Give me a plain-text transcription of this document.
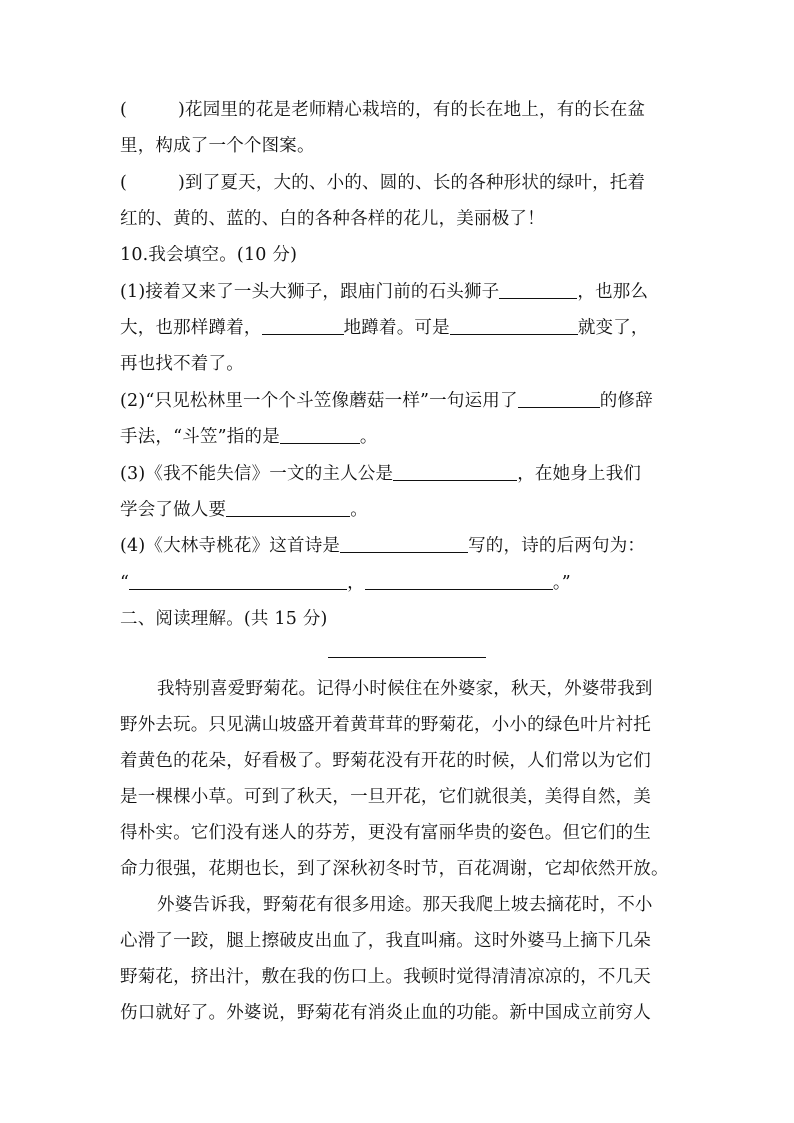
(	)花园里的花是老师精心栽培的，有的长在地上，有的长在盆
里，构成了一个个图案。
(	)到了夏天，大的、小的、圆的、长的各种形状的绿叶，托着
红的、黄的、蓝的、白的各种各样的花儿，美丽极了！
10.我会填空。(10 分)
(1)接着又来了一头大狮子，跟庙门前的石头狮子	，也那么
大，也那样蹲着，	地蹲着。可是	就变了，
再也找不着了。
(2)“只见松林里一个个斗笠像蘑菇一样”一句运用了	的修辞
手法，“斗笠”指的是	。
(3)《我不能失信》一文的主人公是	，在她身上我们
学会了做人要	。
(4)《大林寺桃花》这首诗是	写的，诗的后两句为：
“	，	。”
二、阅读理解。(共 15 分)
我特别喜爱野菊花。记得小时候住在外婆家，秋天，外婆带我到
野外去玩。只见满山坡盛开着黄茸茸的野菊花，小小的绿色叶片衬托
着黄色的花朵，好看极了。野菊花没有开花的时候，人们常以为它们
是一棵棵小草。可到了秋天，一旦开花，它们就很美，美得自然，美
得朴实。它们没有迷人的芬芳，更没有富丽华贵的姿色。但它们的生
命力很强，花期也长，到了深秋初冬时节，百花凋谢，它却依然开放。
外婆告诉我，野菊花有很多用途。那天我爬上坡去摘花时，不小
心滑了一跤，腿上擦破皮出血了，我直叫痛。这时外婆马上摘下几朵
野菊花，挤出汁，敷在我的伤口上。我顿时觉得清清凉凉的，不几天
伤口就好了。外婆说，野菊花有消炎止血的功能。新中国成立前穷人
